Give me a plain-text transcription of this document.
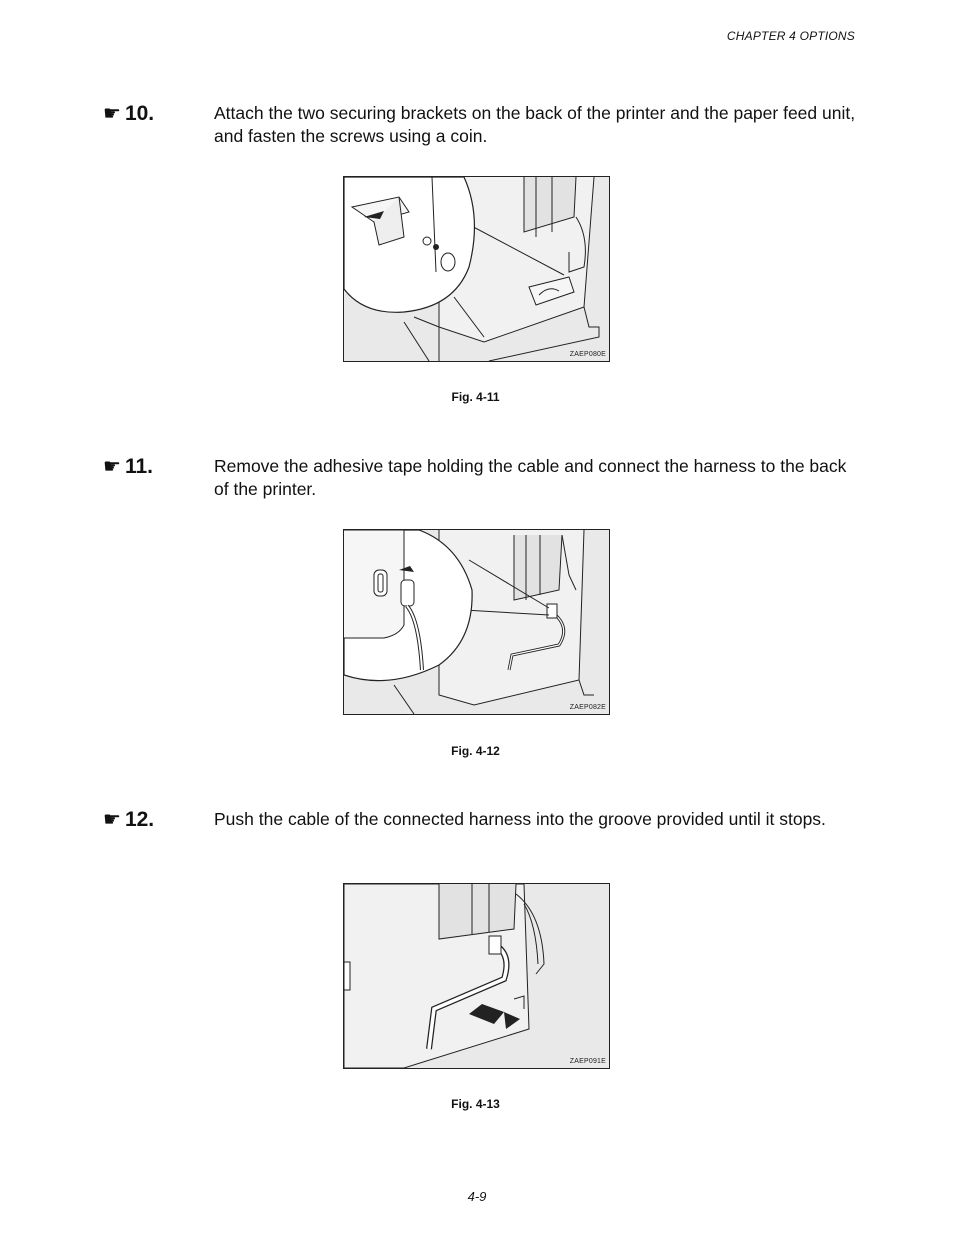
CHAPTER 4 OPTIONS
☛ 10.	Attach the two securing brackets on the back of the printer and the paper feed unit, and fasten the screws using a coin.
ZAEP080E
Fig. 4-11
☛ 11.	Remove the adhesive tape holding the cable and connect the harness to the back of the printer.
ZAEP082E
Fig. 4-12
☛ 12.	Push the cable of the connected harness into the groove provided until it stops.
ZAEP091E
Fig. 4-13
4-9
